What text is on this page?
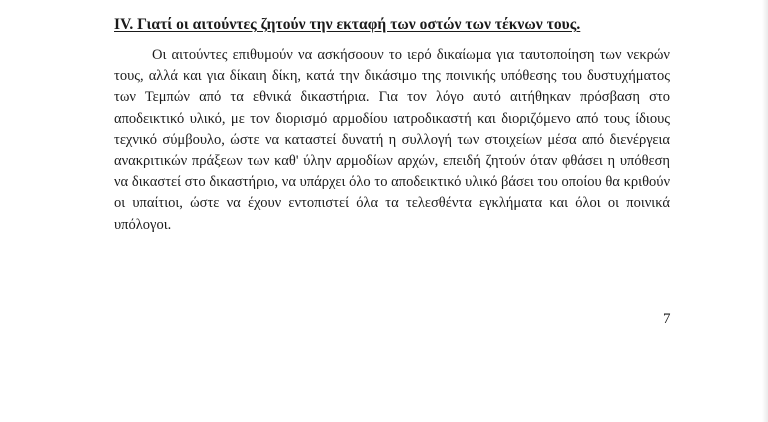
IV. Γιατί οι αιτούντες ζητούν την εκταφή των οστών των τέκνων τους.
Οι αιτούντες επιθυμούν να ασκήσοουν το ιερό δικαίωμα για ταυτοποίηση των νεκρών
τους, αλλά και για δίκαιη δίκη, κατά την δικάσιμο της ποινικής υπόθεσης του δυστυχήματος
των Τεμπών από τα εθνικά δικαστήρια. Για τον λόγο αυτό αιτήθηκαν πρόσβαση στο
αποδεικτικό υλικό, με τον διορισμό αρμοδίου ιατροδικαστή και διοριζόμενο από τους ίδιους
τεχνικό σύμβουλο, ώστε να καταστεί δυνατή η συλλογή των στοιχείων μέσα από διενέργεια
ανακριτικών πράξεων των καθ' ύλην αρμοδίων αρχών, επειδή ζητούν όταν φθάσει η υπόθεση
να δικαστεί στο δικαστήριο, να υπάρχει όλο το αποδεικτικό υλικό βάσει του οποίου θα κριθούν
οι υπαίτιοι, ώστε να έχουν εντοπιστεί όλα τα τελεσθέντα εγκλήματα και όλοι οι ποινικά
υπόλογοι.
7
